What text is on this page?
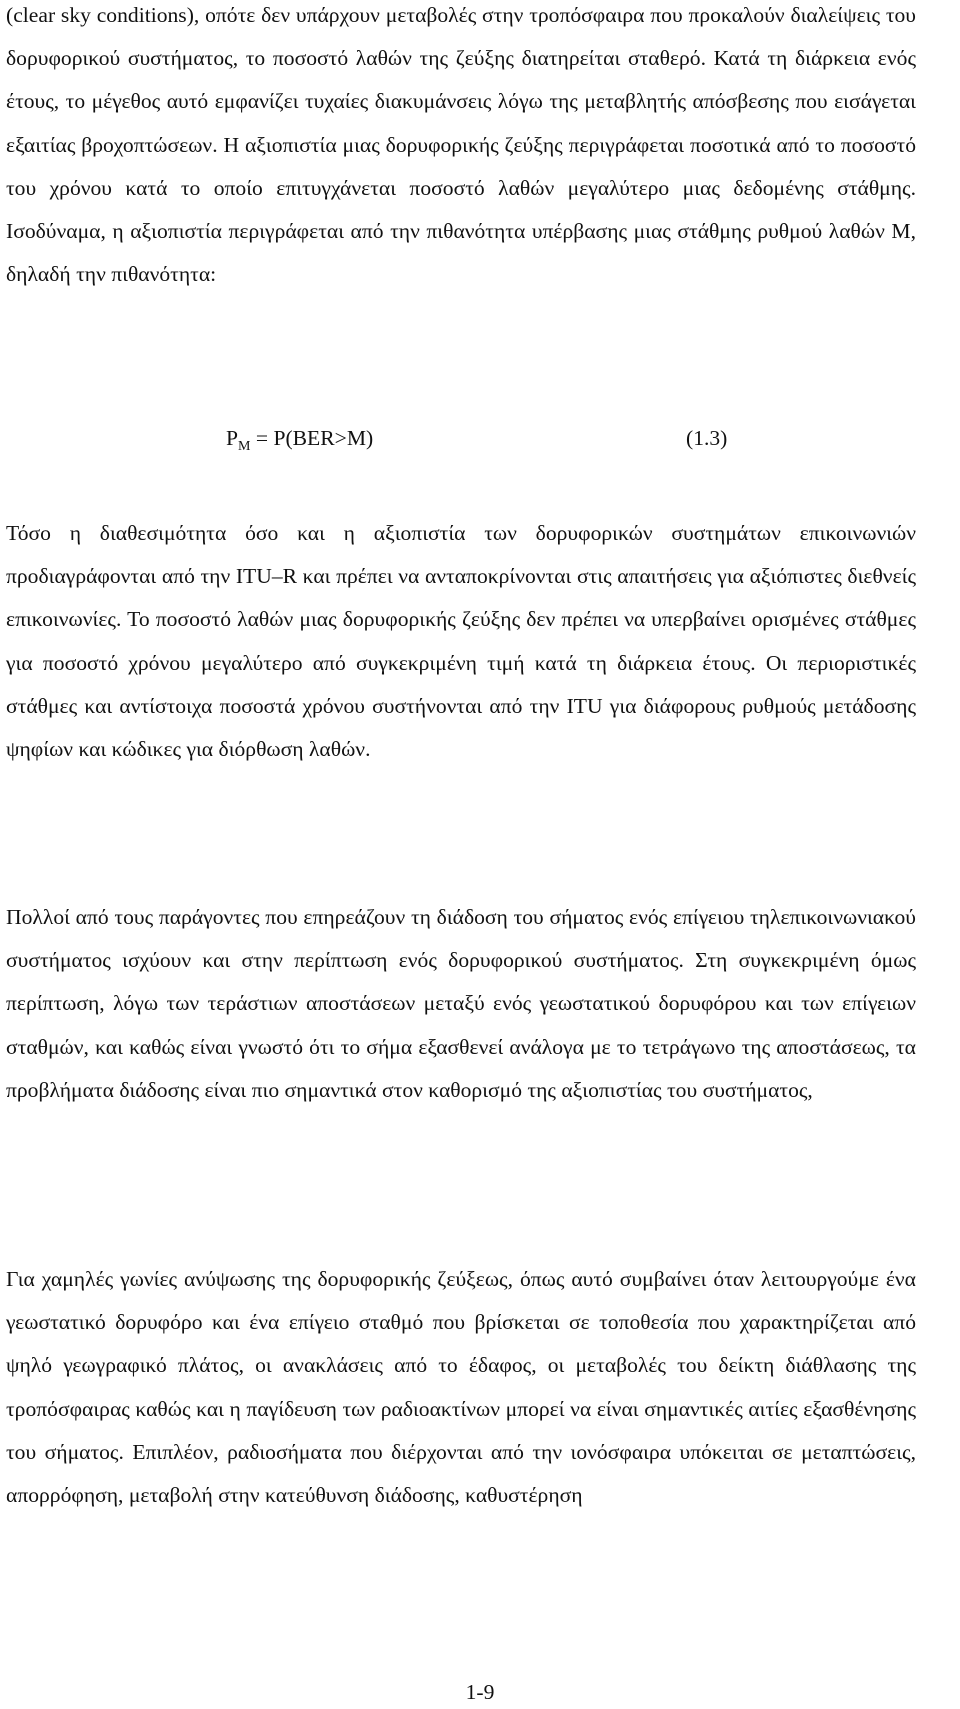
(clear sky conditions), οπότε δεν υπάρχουν μεταβολές στην τρoπόσφαιρα που προκαλούν διαλείψεις του δορυφορικού συστήματος, το ποσοστό λαθών της ζεύξης διατηρείται σταθερό. Κατά τη διάρκεια ενός έτους, το μέγεθος αυτό εμφανίζει τυχαίες διακυμάνσεις λόγω της μεταβλητής απόσβεσης που εισάγεται εξαιτίας βροχοπτώσεων. Η αξιοπιστία μιας δορυφορικής ζεύξης περιγράφεται ποσοτικά από το ποσοστό του χρόνου κατά το οποίο επιτυγχάνεται ποσοστό λαθών μεγαλύτερο μιας δεδομένης στάθμης. Ισοδύναμα, η αξιοπιστία περιγράφεται από την πιθανότητα υπέρβασης μιας στάθμης ρυθμού λαθών Μ, δηλαδή την πιθανότητα:

$P_M = P(BER>M)$	(1.3)

Τόσο η διαθεσιμότητα όσο και η αξιοπιστία των δορυφορικών συστημάτων επικοινωνιών προδιαγράφονται από την ITU–R και πρέπει να ανταποκρίνονται στις απαιτήσεις για αξιόπιστες διεθνείς επικοινωνίες. Το ποσοστό λαθών μιας δορυφορικής ζεύξης δεν πρέπει να υπερβαίνει ορισμένες στάθμες για ποσοστό χρόνου μεγαλύτερο από συγκεκριμένη τιμή κατά τη διάρκεια έτους. Οι περιοριστικές στάθμες και αντίστοιχα ποσοστά χρόνου συστήνονται από την ITU για διάφορους ρυθμούς μετάδοσης ψηφίων και κώδικες για διόρθωση λαθών.

Πολλοί από τους παράγοντες που επηρεάζουν τη διάδοση του σήματος ενός επίγειου τηλεπικοινωνιακού συστήματος ισχύουν και στην περίπτωση ενός δορυφορικού συστήματος. Στη συγκεκριμένη όμως περίπτωση, λόγω των τεράστιων αποστάσεων μεταξύ ενός γεωστατικού δορυφόρου και των επίγειων σταθμών, και καθώς είναι γνωστό ότι το σήμα εξασθενεί ανάλογα με το τετράγωνο της αποστάσεως, τα προβλήματα διάδοσης είναι πιο σημαντικά στον καθορισμό της αξιοπιστίας του συστήματος,

Για χαμηλές γωνίες ανύψωσης της δορυφορικής ζεύξεως, όπως αυτό συμβαίνει όταν λειτουργούμε ένα γεωστατικό δορυφόρο και ένα επίγειο σταθμό που βρίσκεται σε τοποθεσία που χαρακτηρίζεται από ψηλό γεωγραφικό πλάτος, οι ανακλάσεις από το έδαφος, οι μεταβολές του δείκτη διάθλασης της τροπόσφαιρας καθώς και η παγίδευση των ραδιοακτίνων μπορεί να είναι σημαντικές αιτίες εξασθένησης του σήματος. Επιπλέον, ραδιοσήματα που διέρχονται από την ιονόσφαιρα υπόκειται σε μεταπτώσεις, απορρόφηση, μεταβολή στην κατεύθυνση διάδοσης, καθυστέρηση

1-9
